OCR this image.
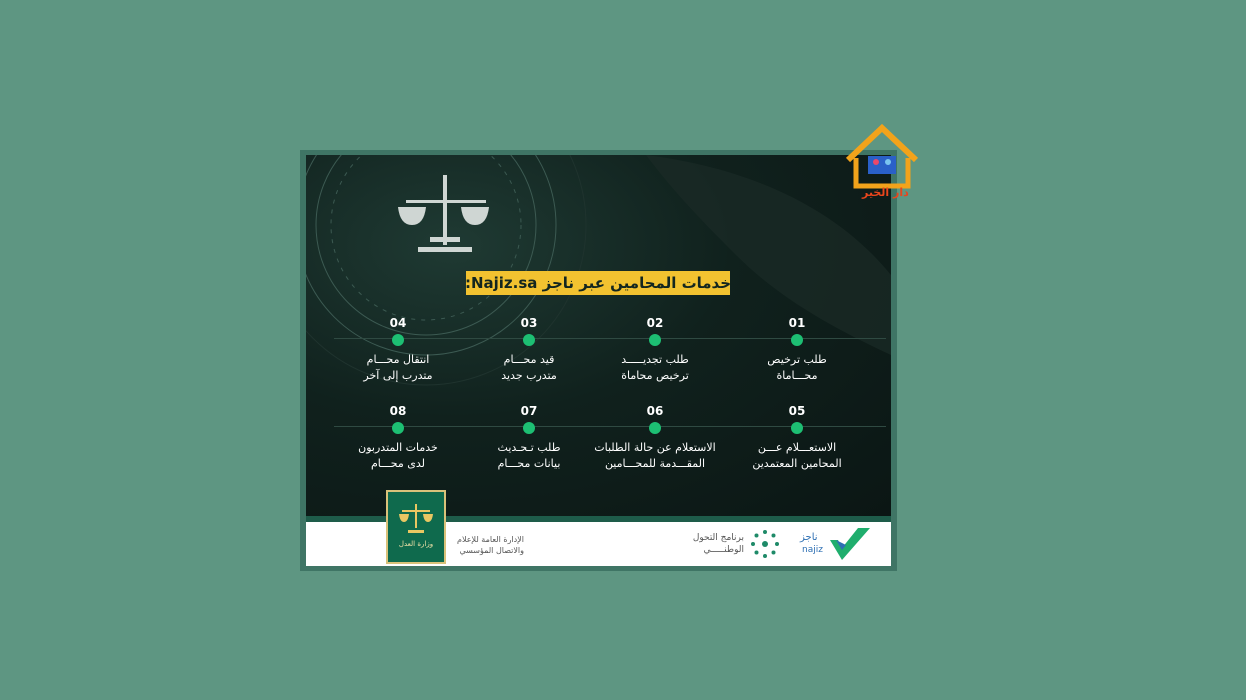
خدمات المحامين عبر ناجز Najiz.sa:
01
طلب ترخيص
محـــاماة
02
طلب تجديـــــد
ترخيص محاماة
03
قيد محـــام
متدرب جديد
04
انتقال محـــام
متدرب إلى آخر
05
الاستعـــلام عـــن
المحامين المعتمدين
06
الاستعلام عن حالة الطلبات
المقـــدمة للمحـــامين
07
طلب تـحـديث
بيانات محـــام
08
خدمات المتدربون
لدى محـــام
ناجز
najiz
برنامج التحول
الوطنـــــي
الإدارة العامة للإعلام
والاتصال المؤسسي
وزارة العدل
دار الخير
